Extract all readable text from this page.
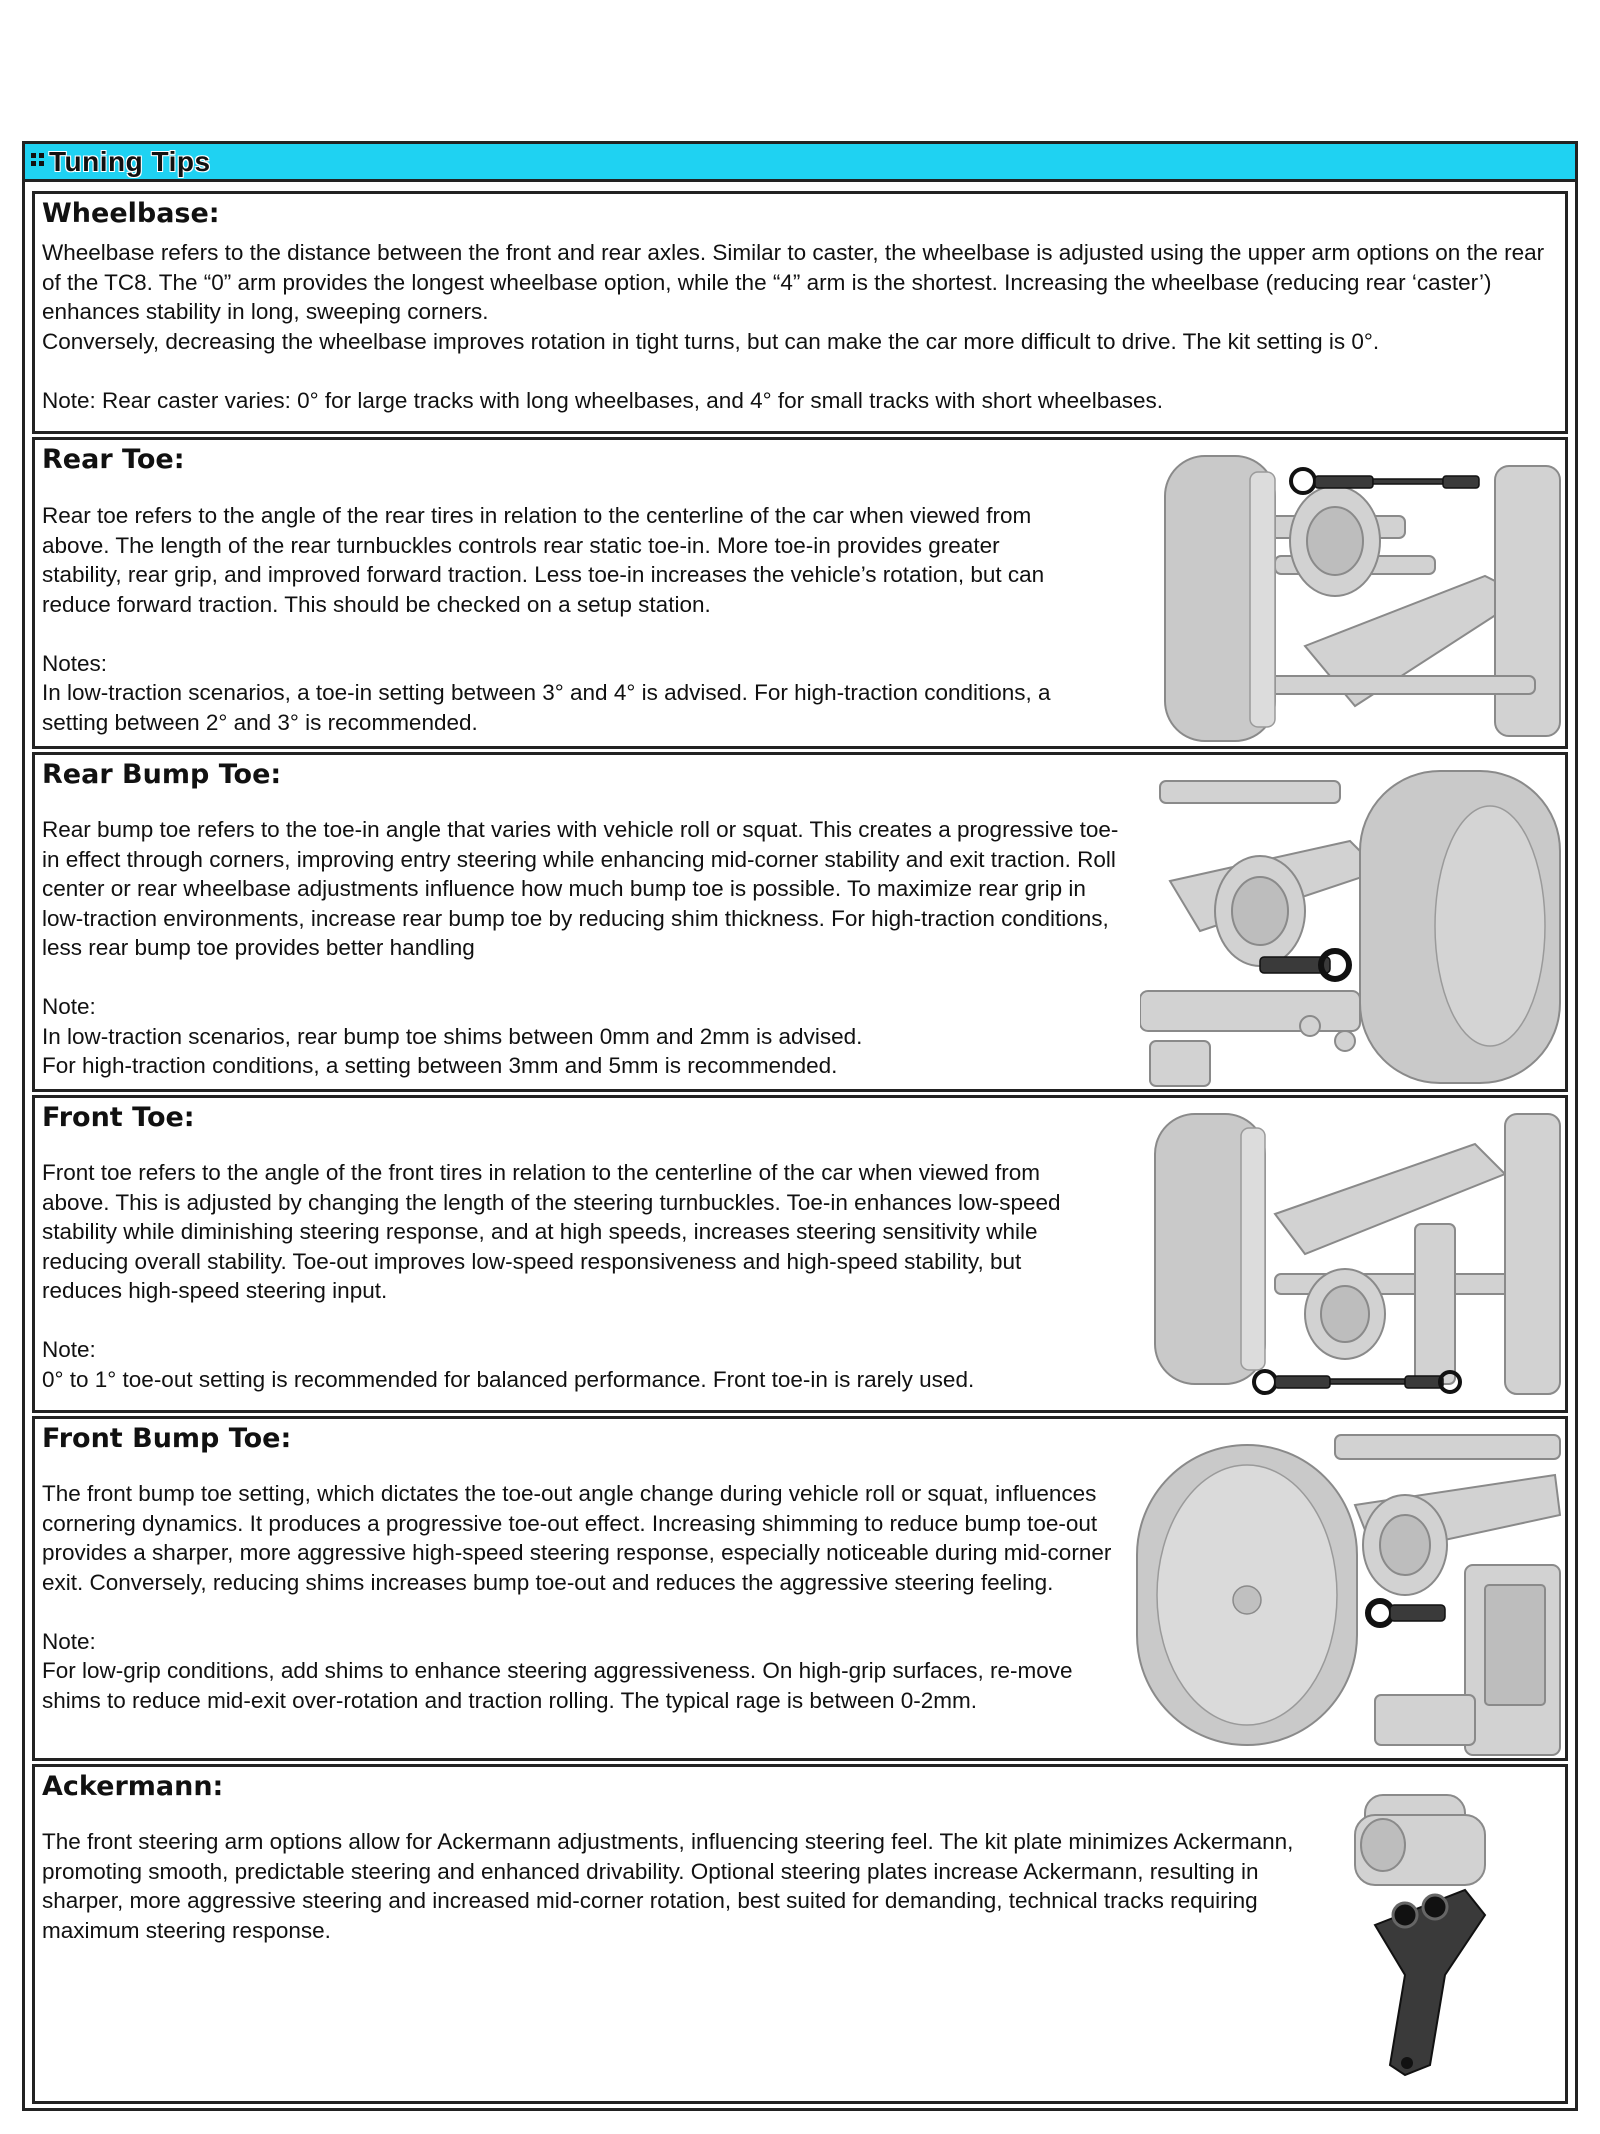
Tuning Tips
Wheelbase:

Wheelbase refers to the distance between the front and rear axles. Similar to caster, the wheelbase is adjusted using the upper arm options on the rear of the TC8. The “0” arm provides the longest wheelbase option, while the “4” arm is the shortest. Increasing the wheelbase (reducing rear ‘caster’) enhances stability in long, sweeping corners.

Conversely, decreasing the wheelbase improves rotation in tight turns, but can make the car more difficult to drive. The kit setting is 0°.

Note: Rear caster varies: 0° for large tracks with long wheelbases, and 4° for small tracks with short wheelbases.

Rear Toe:

Rear toe refers to the angle of the rear tires in relation to the centerline of the car when viewed from above. The length of the rear turnbuckles controls rear static toe-in. More toe-in provides greater stability, rear grip, and improved forward traction. Less toe-in increases the vehicle’s rotation, but can reduce forward traction. This should be checked on a setup station.

Notes:

In low-traction scenarios, a toe-in setting between 3° and 4° is advised. For high-traction conditions, a setting between 2° and 3° is recommended.

Rear Bump Toe:

Rear bump toe refers to the toe-in angle that varies with vehicle roll or squat. This creates a progressive toe-in effect through corners, improving entry steering while enhancing mid-corner stability and exit traction. Roll center or rear wheelbase adjustments influence how much bump toe is possible. To maximize rear grip in low-traction environments, increase rear bump toe by reducing shim thickness. For high-traction conditions, less rear bump toe provides better handling

Note:

In low-traction scenarios, rear bump toe shims between 0mm and 2mm is advised.

For high-traction conditions, a setting between 3mm and 5mm is recommended.

Front Toe:

Front toe refers to the angle of the front tires in relation to the centerline of the car when viewed from above. This is adjusted by changing the length of the steering turnbuckles. Toe-in enhances low-speed stability while diminishing steering response, and at high speeds, increases steering sensitivity while reducing overall stability. Toe-out improves low-speed responsiveness and high-speed stability, but reduces high-speed steering input.

Note:

0° to 1° toe-out setting is recommended for balanced performance. Front toe-in is rarely used.

Front Bump Toe:

The front bump toe setting, which dictates the toe-out angle change during vehicle roll or squat, influences cornering dynamics. It produces a progressive toe-out effect. Increasing shimming to reduce bump toe-out provides a sharper, more aggressive high-speed steering response, especially noticeable during mid-corner exit. Conversely, reducing shims increases bump toe-out and reduces the aggressive steering feeling.

Note:

For low-grip conditions, add shims to enhance steering aggressiveness. On high-grip surfaces, re-move shims to reduce mid-exit over-rotation and traction rolling. The typical rage is between 0-2mm.

Ackermann:

The front steering arm options allow for Ackermann adjustments, influencing steering feel. The kit plate minimizes Ackermann, promoting smooth, predictable steering and enhanced drivability. Optional steering plates increase Ackermann, resulting in sharper, more aggressive steering and increased mid-corner rotation, best suited for demanding, technical tracks requiring maximum steering response.
